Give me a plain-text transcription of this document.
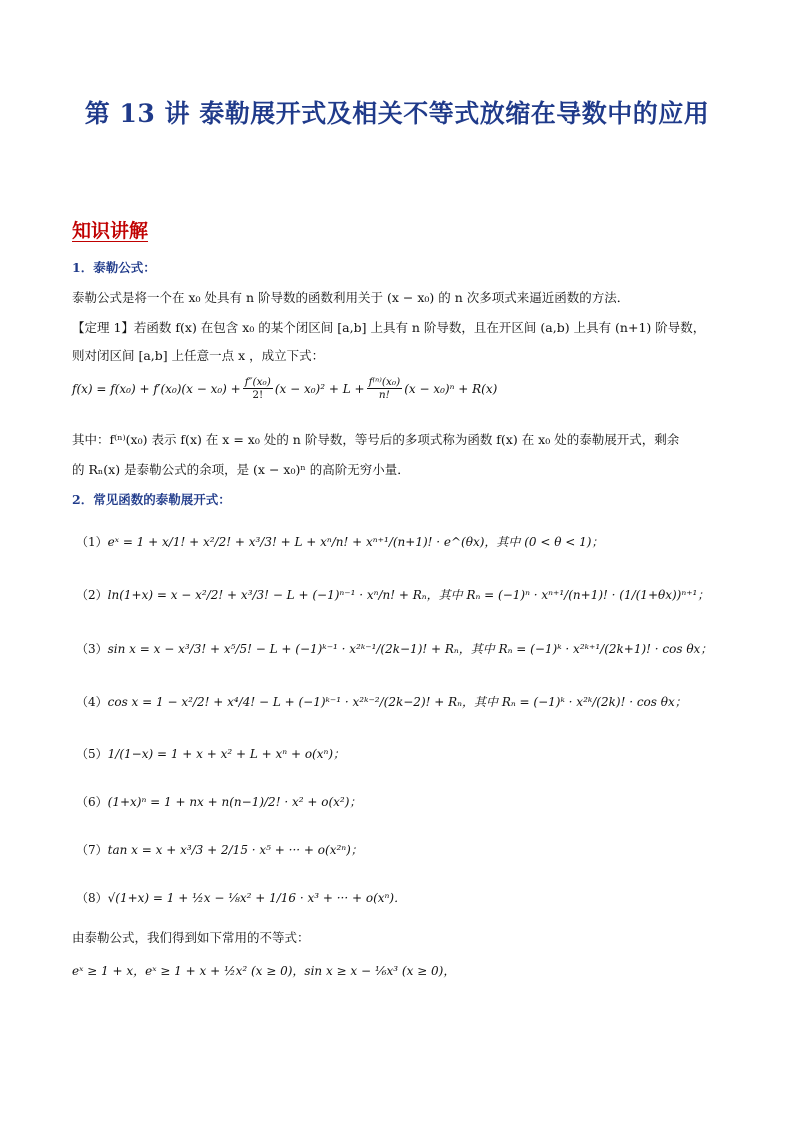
第 13 讲 泰勒展开式及相关不等式放缩在导数中的应用
知识讲解
1．泰勒公式：
泰勒公式是将一个在 x₀ 处具有 n 阶导数的函数利用关于 (x − x₀) 的 n 次多项式来逼近函数的方法．
【定理 1】若函数 f(x) 在包含 x₀ 的某个闭区间 [a,b] 上具有 n 阶导数，且在开区间 (a,b) 上具有 (n+1) 阶导数，
则对闭区间 [a,b] 上任意一点 x ，成立下式：
$f(x) = f(x_0) + f'(x_0)(x - x_0) + \frac{\text{f″(x₀)}}{2!} (x - x_0)^2 + L + \frac{\text{f⁽ⁿ⁾(x₀)}}{n!} (x - x_0)^n + R(x)$
其中：f⁽ⁿ⁾(x₀) 表示 f(x) 在 x = x₀ 处的 n 阶导数，等号后的多项式称为函数 f(x) 在 x₀ 处的泰勒展开式，剩余
的 Rₙ(x) 是泰勒公式的余项，是 (x − x₀)ⁿ 的高阶无穷小量．
2．常见函数的泰勒展开式：
（1）eˣ = 1 + x/1! + x²/2! + x³/3! + L + xⁿ/n! + xⁿ⁺¹/(n+1)! · e^(θx)，其中 (0 < θ < 1)；
（2）ln(1+x) = x − x²/2! + x³/3! − L + (−1)ⁿ⁻¹ · xⁿ/n! + Rₙ，其中 Rₙ = (−1)ⁿ · xⁿ⁺¹/(n+1)! · (1/(1+θx))ⁿ⁺¹；
（3）sin x = x − x³/3! + x⁵/5! − L + (−1)ᵏ⁻¹ · x²ᵏ⁻¹/(2k−1)! + Rₙ，其中 Rₙ = (−1)ᵏ · x²ᵏ⁺¹/(2k+1)! · cos θx；
（4）cos x = 1 − x²/2! + x⁴/4! − L + (−1)ᵏ⁻¹ · x²ᵏ⁻²/(2k−2)! + Rₙ，其中 Rₙ = (−1)ᵏ · x²ᵏ/(2k)! · cos θx；
（5）1/(1−x) = 1 + x + x² + L + xⁿ + o(xⁿ)；
（6）(1+x)ⁿ = 1 + nx + n(n−1)/2! · x² + o(x²)；
（7）tan x = x + x³/3 + 2/15 · x⁵ + ··· + o(x²ⁿ)；
（8）√(1+x) = 1 + ½x − ⅛x² + 1/16 · x³ + ··· + o(xⁿ)．
由泰勒公式，我们得到如下常用的不等式：
eˣ ≥ 1 + x，eˣ ≥ 1 + x + ½x² (x ≥ 0)，sin x ≥ x − ⅙x³ (x ≥ 0)，
